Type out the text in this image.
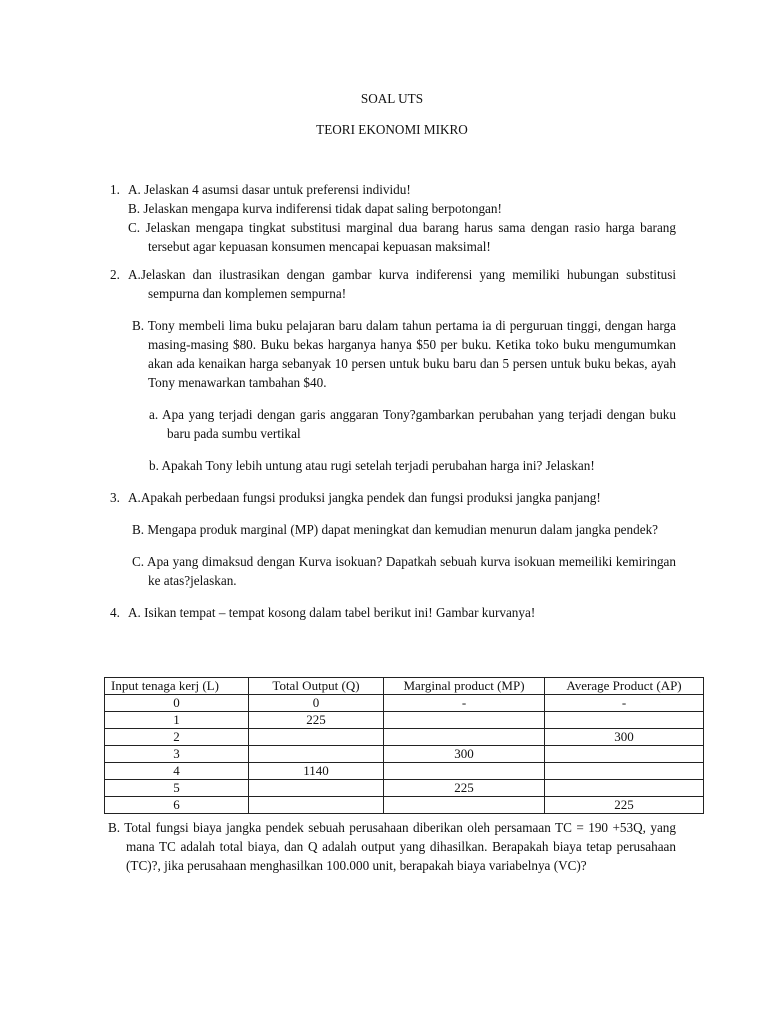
SOAL UTS
TEORI EKONOMI MIKRO
1. A. Jelaskan 4 asumsi dasar untuk preferensi individu!
B. Jelaskan mengapa kurva indiferensi tidak dapat saling berpotongan!
C. Jelaskan mengapa tingkat substitusi marginal dua barang harus sama dengan rasio harga barang tersebut agar kepuasan konsumen mencapai kepuasan maksimal!
2. A.Jelaskan dan ilustrasikan dengan gambar kurva indiferensi yang memiliki hubungan substitusi sempurna dan komplemen sempurna!
B. Tony membeli lima buku pelajaran baru dalam tahun pertama ia di perguruan tinggi, dengan harga masing-masing $80. Buku bekas harganya hanya $50 per buku. Ketika toko buku mengumumkan akan ada kenaikan harga sebanyak 10 persen untuk buku baru dan 5 persen untuk buku bekas, ayah Tony menawarkan tambahan $40.
a. Apa yang terjadi dengan garis anggaran Tony?gambarkan perubahan yang terjadi dengan buku baru pada sumbu vertikal
b. Apakah Tony lebih untung atau rugi setelah terjadi perubahan harga ini? Jelaskan!
3. A.Apakah perbedaan fungsi produksi jangka pendek dan fungsi produksi jangka panjang!
B. Mengapa produk marginal (MP) dapat meningkat dan kemudian menurun dalam jangka pendek?
C. Apa yang dimaksud dengan Kurva isokuan? Dapatkah sebuah kurva isokuan memeiliki kemiringan ke atas?jelaskan.
4. A. Isikan tempat – tempat kosong dalam tabel berikut ini! Gambar kurvanya!
Input tenaga kerj (L)	Total Output (Q)	Marginal product (MP)	Average Product (AP)
0	0	-	-
1	225		
2			300
3		300	
4	1140		
5		225	
6			225
B. Total fungsi biaya jangka pendek sebuah perusahaan diberikan oleh persamaan TC = 190 +53Q, yang mana TC adalah total biaya, dan Q adalah output yang dihasilkan. Berapakah biaya tetap perusahaan (TC)?, jika perusahaan menghasilkan 100.000 unit, berapakah biaya variabelnya (VC)?
